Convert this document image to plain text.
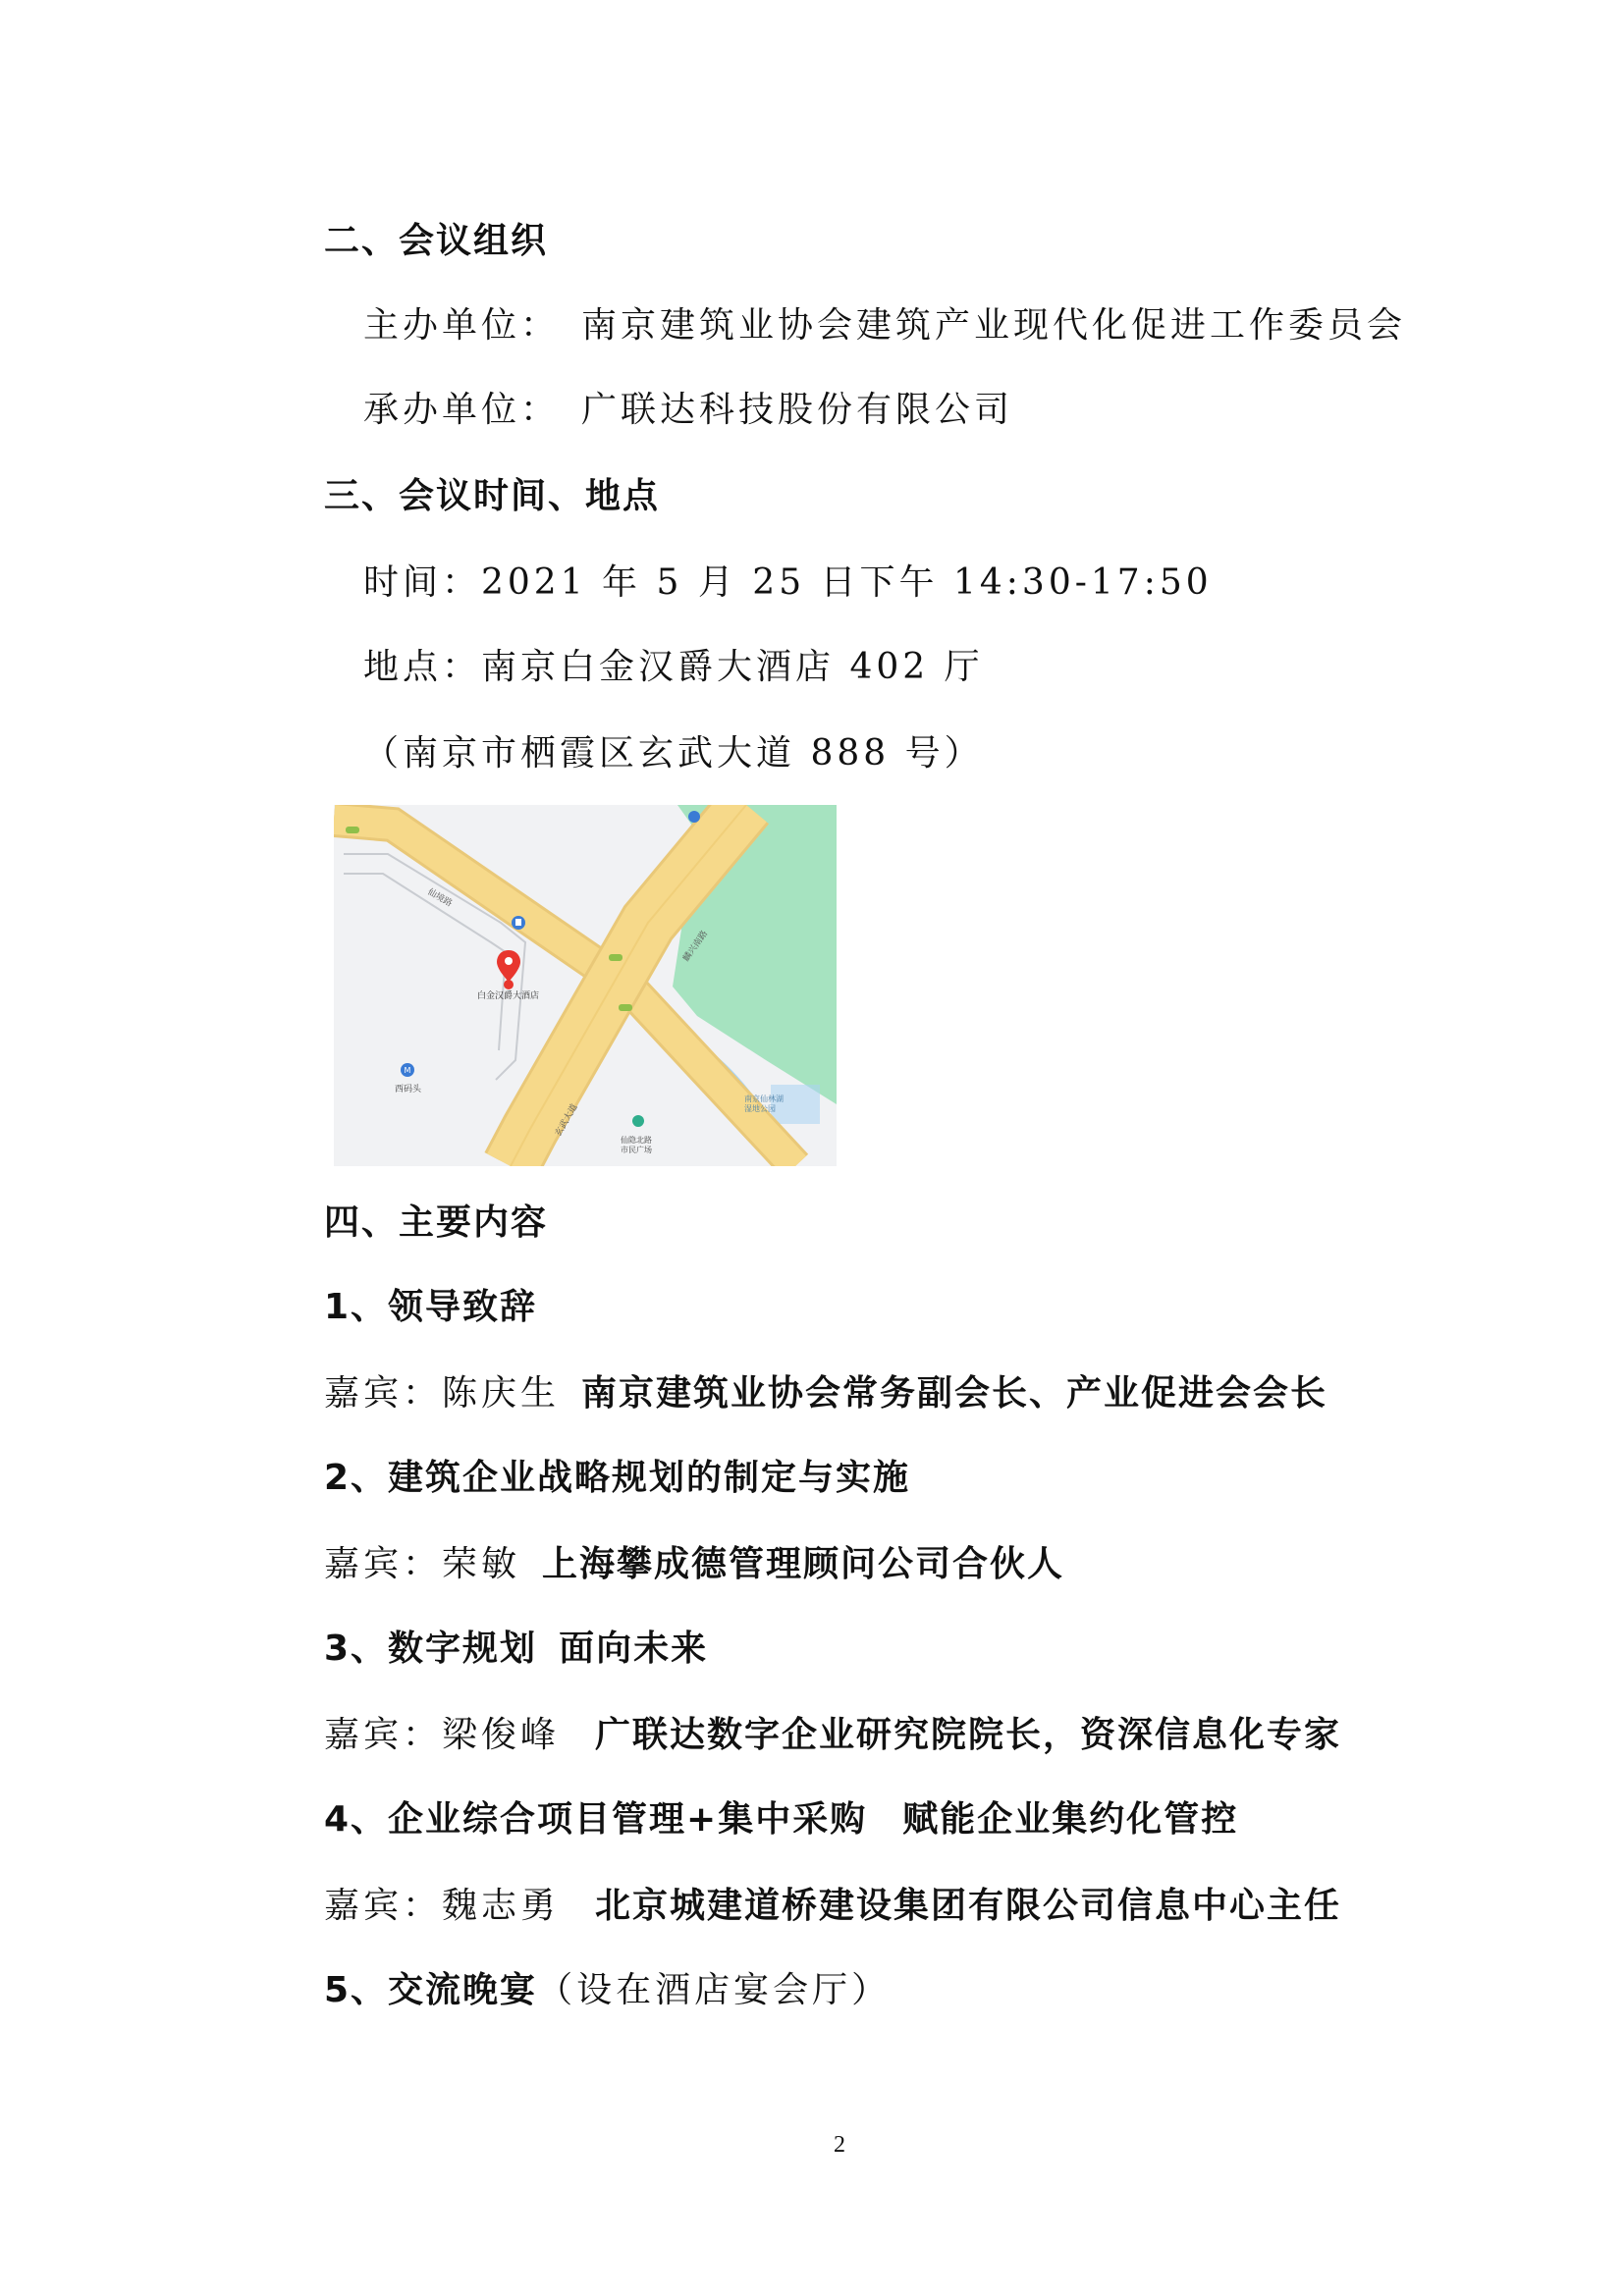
二、会议组织
主办单位： 南京建筑业协会建筑产业现代化促进工作委员会
承办单位： 广联达科技股份有限公司
三、会议时间、地点
时间：2021 年 5 月 25 日下午 14:30-17:50
地点：南京白金汉爵大酒店 402 厅
（南京市栖霞区玄武大道 888 号）
仙境路
麟兴南路
玄武大道
M
西码头
仙隐北路市民广场
南京仙林湖湿地公园
白金汉爵大酒店
四、主要内容
1、领导致辞
嘉宾：陈庆生 南京建筑业协会常务副会长、产业促进会会长
2、建筑企业战略规划的制定与实施
嘉宾：荣敏 上海攀成德管理顾问公司合伙人
3、数字规划 面向未来
嘉宾：梁俊峰 广联达数字企业研究院院长，资深信息化专家
4、企业综合项目管理+集中采购 赋能企业集约化管控
嘉宾：魏志勇 北京城建道桥建设集团有限公司信息中心主任
5、交流晚宴（设在酒店宴会厅）
2
